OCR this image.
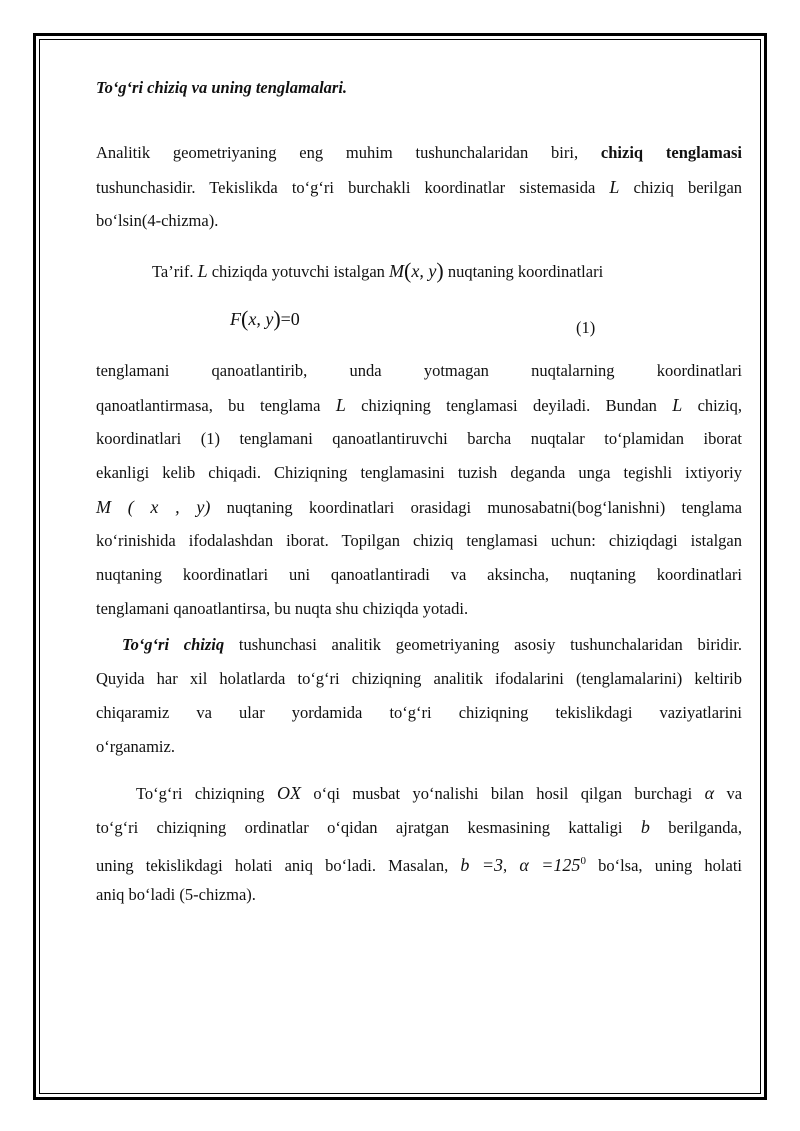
To‘g‘ri chiziq va uning tenglamalari.
Analitik geometriyaning eng muhim tushunchalaridan biri, chiziq tenglamasi
tushunchasidir. Tekislikda to‘g‘ri burchakli koordinatlar sistemasida L chiziq berilgan
bo‘lsin(4-chizma).
Ta’rif. L chiziqda yotuvchi istalgan M(x, y) nuqtaning koordinatlari
F(x, y)=0	(1)
tenglamani qanoatlantirib, unda yotmagan nuqtalarning koordinatlari
qanoatlantirmasa, bu tenglama L chiziqning tenglamasi deyiladi. Bundan L chiziq,
koordinatlari (1) tenglamani qanoatlantiruvchi barcha nuqtalar to‘plamidan iborat
ekanligi kelib chiqadi. Chiziqning tenglamasini tuzish deganda unga tegishli ixtiyoriy
M ( x , y) nuqtaning koordinatlari orasidagi munosabatni(bog‘lanishni) tenglama
ko‘rinishida ifodalashdan iborat. Topilgan chiziq tenglamasi uchun: chiziqdagi istalgan
nuqtaning koordinatlari uni qanoatlantiradi va aksincha, nuqtaning koordinatlari
tenglamani qanoatlantirsa, bu nuqta shu chiziqda yotadi.
To‘g‘ri chiziq tushunchasi analitik geometriyaning asosiy tushunchalaridan biridir.
Quyida har xil holatlarda to‘g‘ri chiziqning analitik ifodalarini (tenglamalarini) keltirib
chiqaramiz va ular yordamida to‘g‘ri chiziqning tekislikdagi vaziyatlarini
o‘rganamiz.
To‘g‘ri chiziqning OX o‘qi musbat yo‘nalishi bilan hosil qilgan burchagi α va
to‘g‘ri chiziqning ordinatlar o‘qidan ajratgan kesmasining kattaligi b berilganda,
uning tekislikdagi holati aniq bo‘ladi. Masalan, b =3, $\alpha =125^0$ bo‘lsa, uning holati
aniq bo‘ladi (5-chizma).
